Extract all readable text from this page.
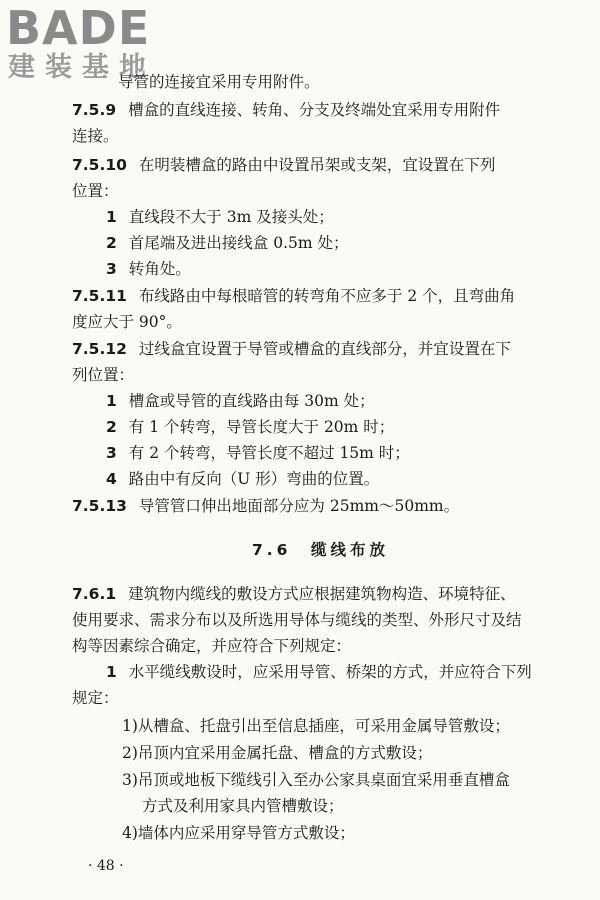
BADE
建装基地
导管的连接宜采用专用附件。
7.5.9 槽盒的直线连接、转角、分支及终端处宜采用专用附件
连接。
7.5.10 在明装槽盒的路由中设置吊架或支架，宜设置在下列
位置：
1 直线段不大于 3m 及接头处；
2 首尾端及进出接线盒 0.5m 处；
3 转角处。
7.5.11 布线路由中每根暗管的转弯角不应多于 2 个，且弯曲角
度应大于 90°。
7.5.12 过线盒宜设置于导管或槽盒的直线部分，并宜设置在下
列位置：
1 槽盒或导管的直线路由每 30m 处；
2 有 1 个转弯，导管长度大于 20m 时；
3 有 2 个转弯，导管长度不超过 15m 时；
4 路由中有反向（U 形）弯曲的位置。
7.5.13 导管管口伸出地面部分应为 25mm～50mm。
7.6　缆线布放
7.6.1 建筑物内缆线的敷设方式应根据建筑物构造、环境特征、
使用要求、需求分布以及所选用导体与缆线的类型、外形尺寸及结
构等因素综合确定，并应符合下列规定：
1 水平缆线敷设时，应采用导管、桥架的方式，并应符合下列
规定：
1)从槽盒、托盘引出至信息插座，可采用金属导管敷设；
2)吊顶内宜采用金属托盘、槽盒的方式敷设；
3)吊顶或地板下缆线引入至办公家具桌面宜采用垂直槽盒
方式及利用家具内管槽敷设；
4)墙体内应采用穿导管方式敷设；
· 48 ·
